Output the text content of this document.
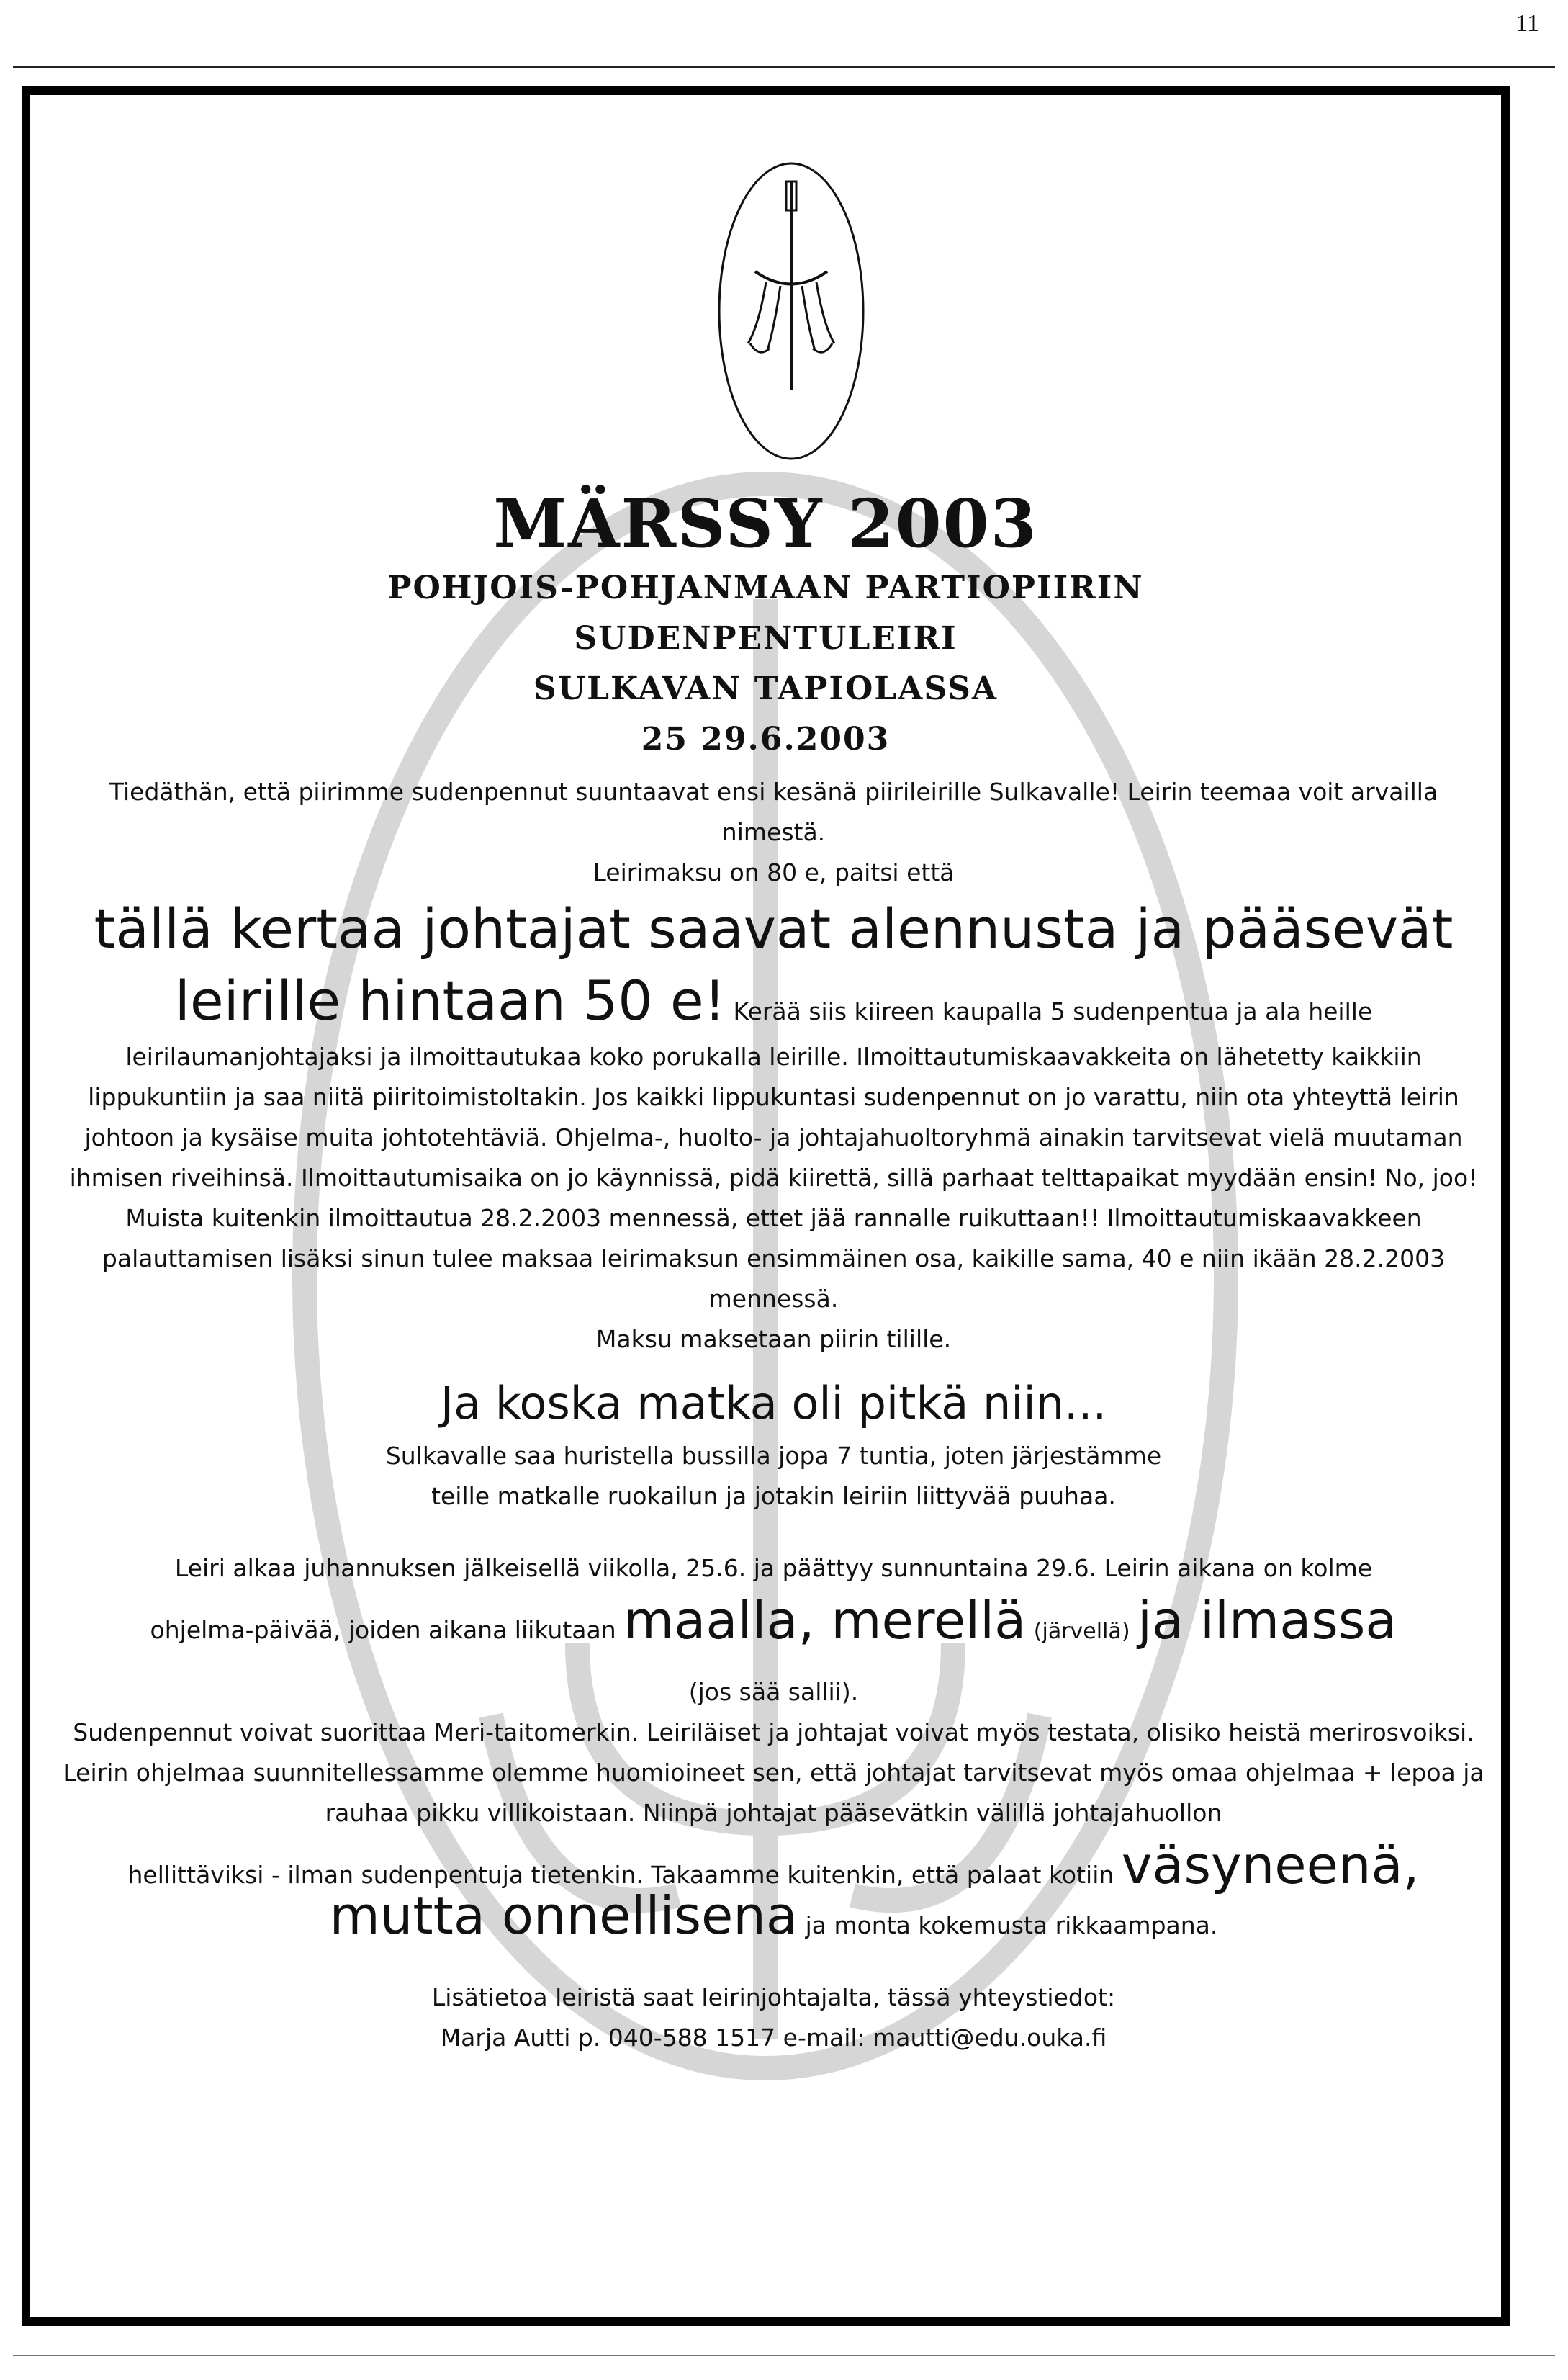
11
MÄRSSY 2003
POHJOIS-POHJANMAAN PARTIOPIIRIN
SUDENPENTULEIRI
SULKAVAN TAPIOLASSA
25 29.6.2003

Tiedäthän, että piirimme sudenpennut suuntaavat ensi kesänä piirileirille Sulkavalle! Leirin teemaa voit arvailla nimestä.

Leirimaksu on 80 e, paitsi että

tällä kertaa johtajat saavat alennusta ja pääsevät

leirille hintaan 50 e! Kerää siis kiireen kaupalla 5 sudenpentua ja ala heille leirilaumanjohtajaksi ja ilmoittautukaa koko porukalla leirille. Ilmoittautumiskaavakkeita on lähetetty kaikkiin lippukuntiin ja saa niitä piiritoimistoltakin. Jos kaikki lippukuntasi sudenpennut on jo varattu, niin ota yhteyttä leirin johtoon ja kysäise muita johtotehtäviä. Ohjelma-, huolto- ja johtajahuoltoryhmä ainakin tarvitsevat vielä muutaman ihmisen riveihinsä. Ilmoittautumisaika on jo käynnissä, pidä kiirettä, sillä parhaat telttapaikat myydään ensin! No, joo! Muista kuitenkin ilmoittautua 28.2.2003 mennessä, ettet jää rannalle ruikuttaan!! Ilmoittautumiskaavakkeen palauttamisen lisäksi sinun tulee maksaa leirimaksun ensimmäinen osa, kaikille sama, 40 e niin ikään 28.2.2003 mennessä.

Maksu maksetaan piirin tilille.

Ja koska matka oli pitkä niin...

Sulkavalle saa huristella bussilla jopa 7 tuntia, joten järjestämme teille matkalle ruokailun ja jotakin leiriin liittyvää puuhaa.

Leiri alkaa juhannuksen jälkeisellä viikolla, 25.6. ja päättyy sunnuntaina 29.6. Leirin aikana on kolme

ohjelma-päivää, joiden aikana liikutaan maalla, merellä (järvellä) ja ilmassa

(jos sää sallii).

Sudenpennut voivat suorittaa Meri-taitomerkin. Leiriläiset ja johtajat voivat myös testata, olisiko heistä merirosvoiksi.

Leirin ohjelmaa suunnitellessamme olemme huomioineet sen, että johtajat tarvitsevat myös omaa ohjelmaa + lepoa ja rauhaa pikku villikoistaan. Niinpä johtajat pääsevätkin välillä johtajahuollon

hellittäviksi - ilman sudenpentuja tietenkin. Takaamme kuitenkin, että palaat kotiin väsyneenä,

mutta onnellisena ja monta kokemusta rikkaampana.

Lisätietoa leiristä saat leirinjohtajalta, tässä yhteystiedot:

Marja Autti p. 040-588 1517 e-mail: mautti@edu.ouka.fi
